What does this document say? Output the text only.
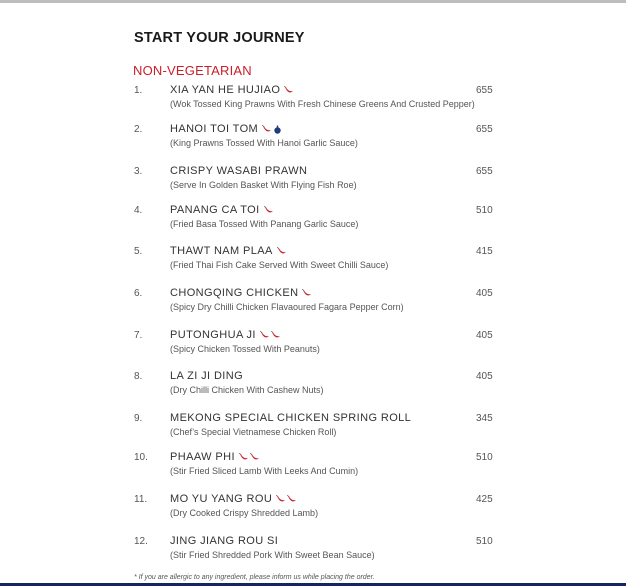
START YOUR JOURNEY
NON-VEGETARIAN
1.	XIA YAN HE HUJIAO	655
(Wok Tossed King Prawns With Fresh Chinese Greens And Crusted Pepper)
2.	HANOI TOI TOM	655
(King Prawns Tossed With Hanoi Garlic Sauce)
3.	CRISPY WASABI PRAWN	655
(Serve In Golden Basket With Flying Fish Roe)
4.	PANANG CA TOI	510
(Fried Basa Tossed With Panang Garlic Sauce)
5.	THAWT NAM PLAA	415
(Fried Thai Fish Cake Served With Sweet Chilli Sauce)
6.	CHONGQING CHICKEN	405
(Spicy Dry Chilli Chicken Flavaoured Fagara Pepper Corn)
7.	PUTONGHUA JI	405
(Spicy Chicken Tossed With Peanuts)
8.	LA ZI JI DING	405
(Dry Chilli Chicken With Cashew Nuts)
9.	MEKONG SPECIAL CHICKEN SPRING ROLL	345
(Chef’s Special Vietnamese Chicken Roll)
10. PHAAW PHI	510
(Stir Fried Sliced Lamb With Leeks And Cumin)
11. MO YU YANG ROU	425
(Dry Cooked Crispy Shredded Lamb)
12. JING JIANG ROU SI	510
(Stir Fried Shredded Pork With Sweet Bean Sauce)
* If you are allergic to any ingredient, please inform us while placing the order.
